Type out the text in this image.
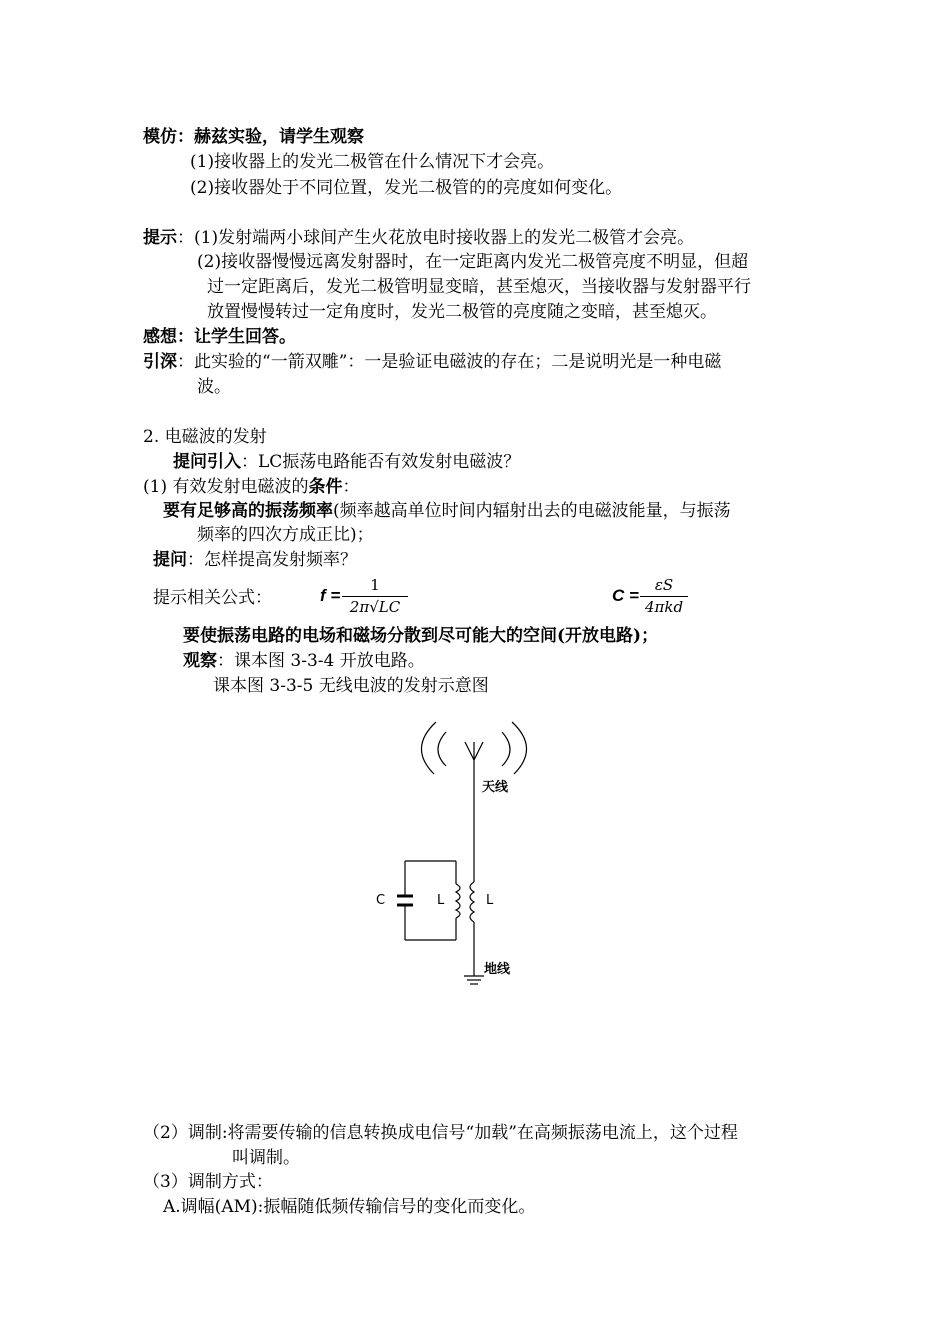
模仿：赫兹实验，请学生观察
(1)接收器上的发光二极管在什么情况下才会亮。
(2)接收器处于不同位置，发光二极管的的亮度如何变化。
提示：(1)发射端两小球间产生火花放电时接收器上的发光二极管才会亮。
(2)接收器慢慢远离发射器时，在一定距离内发光二极管亮度不明显，但超
过一定距离后，发光二极管明显变暗，甚至熄灭，当接收器与发射器平行
放置慢慢转过一定角度时，发光二极管的亮度随之变暗，甚至熄灭。
感想：让学生回答。
引深：此实验的“一箭双雕”：一是验证电磁波的存在；二是说明光是一种电磁
波。
2. 电磁波的发射
提问引入：LC振荡电路能否有效发射电磁波？
(1) 有效发射电磁波的条件：
要有足够高的振荡频率(频率越高单位时间内辐射出去的电磁波能量，与振荡
频率的四次方成正比)；
提问：怎样提高发射频率？
提示相关公式：	$f = \frac{1}{2\pi√LC}$	C =
εS
4πkd
要使振荡电路的电场和磁场分散到尽可能大的空间(开放电路)；
观察：课本图 3-3-4 开放电路。
课本图 3-3-5 无线电波的发射示意图
天线
地线
C	L	L
（2）调制:将需要传输的信息转换成电信号“加载”在高频振荡电流上，这个过程
叫调制。
（3）调制方式：
A.调幅(AM):振幅随低频传输信号的变化而变化。
